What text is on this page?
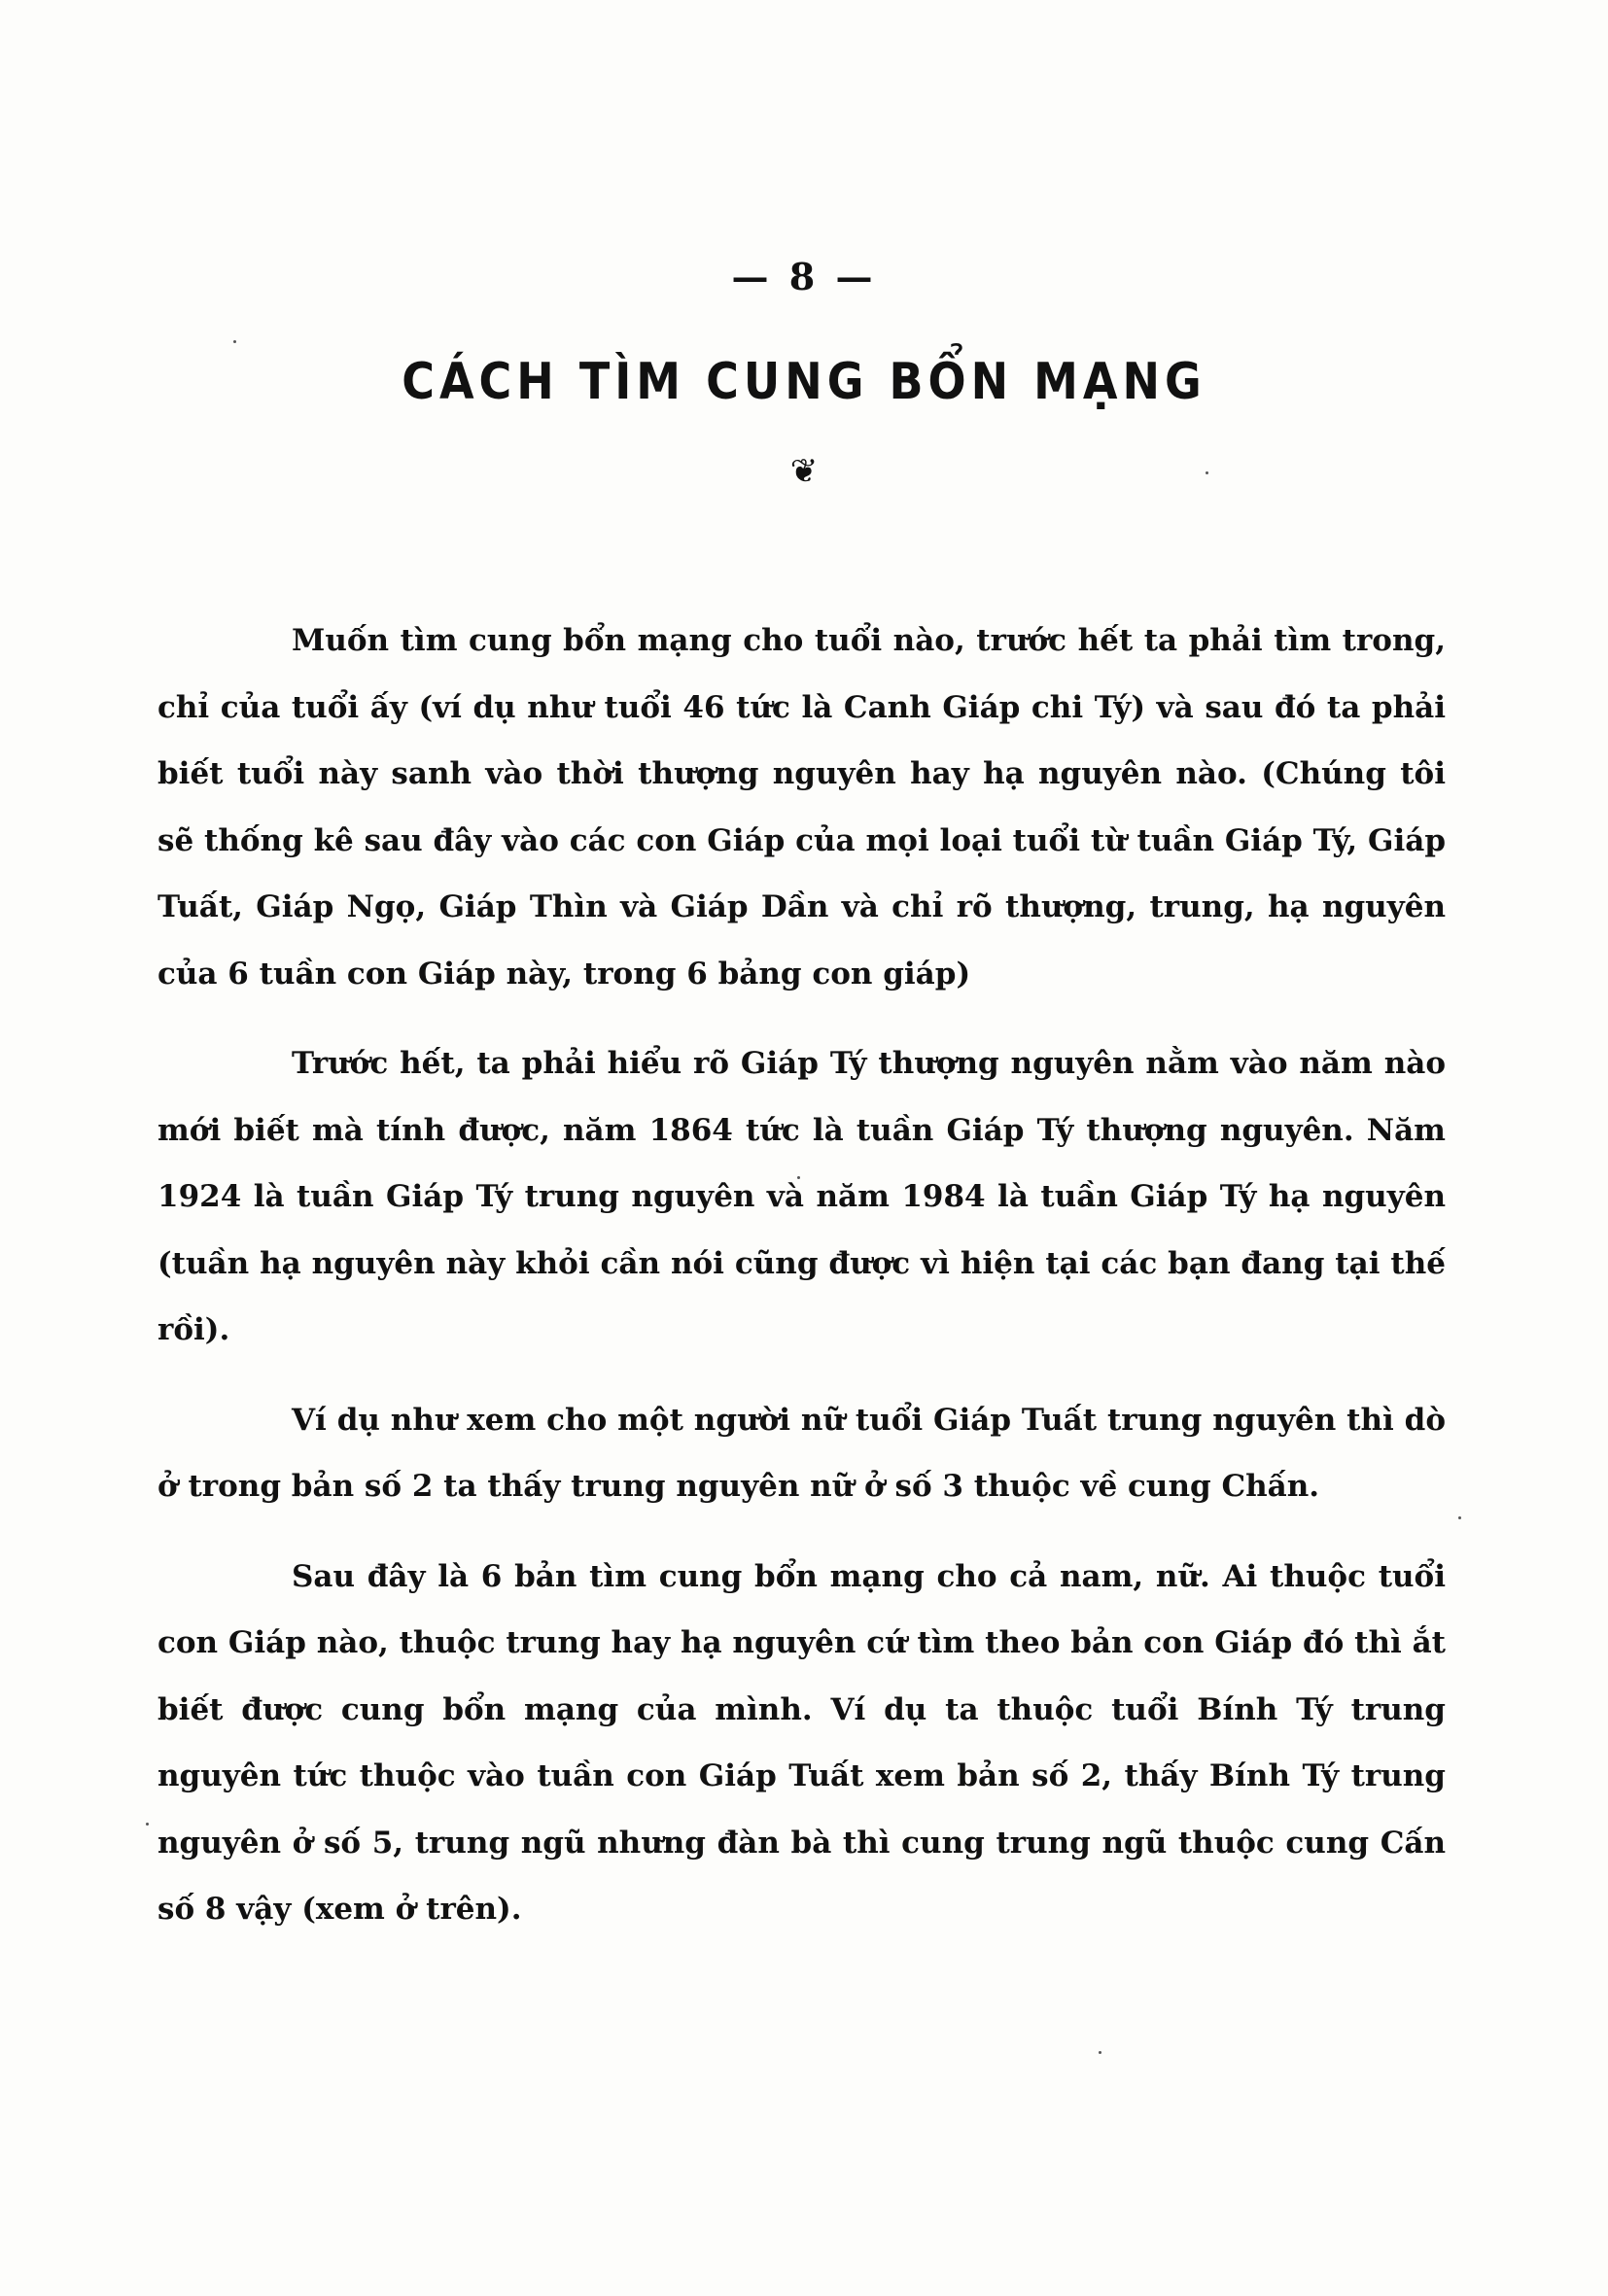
— 8 —
CÁCH TÌM CUNG BỔN MẠNG
❦

Muốn tìm cung bổn mạng cho tuổi nào, trước hết ta phải tìm trong, chỉ của tuổi ấy (ví dụ như tuổi 46 tức là Canh Giáp chi Tý) và sau đó ta phải biết tuổi này sanh vào thời thượng nguyên hay hạ nguyên nào. (Chúng tôi sẽ thống kê sau đây vào các con Giáp của mọi loại tuổi từ tuần Giáp Tý, Giáp Tuất, Giáp Ngọ, Giáp Thìn và Giáp Dần và chỉ rõ thượng, trung, hạ nguyên của 6 tuần con Giáp này, trong 6 bảng con giáp)

Trước hết, ta phải hiểu rõ Giáp Tý thượng nguyên nằm vào năm nào mới biết mà tính được, năm 1864 tức là tuần Giáp Tý thượng nguyên. Năm 1924 là tuần Giáp Tý trung nguyên và năm 1984 là tuần Giáp Tý hạ nguyên (tuần hạ nguyên này khỏi cần nói cũng được vì hiện tại các bạn đang tại thế rồi).

Ví dụ như xem cho một người nữ tuổi Giáp Tuất trung nguyên thì dò ở trong bản số 2 ta thấy trung nguyên nữ ở số 3 thuộc về cung Chấn.

Sau đây là 6 bản tìm cung bổn mạng cho cả nam, nữ. Ai thuộc tuổi con Giáp nào, thuộc trung hay hạ nguyên cứ tìm theo bản con Giáp đó thì ắt biết được cung bổn mạng của mình. Ví dụ ta thuộc tuổi Bính Tý trung nguyên tức thuộc vào tuần con Giáp Tuất xem bản số 2, thấy Bính Tý trung nguyên ở số 5, trung ngũ nhưng đàn bà thì cung trung ngũ thuộc cung Cấn số 8 vậy (xem ở trên).
